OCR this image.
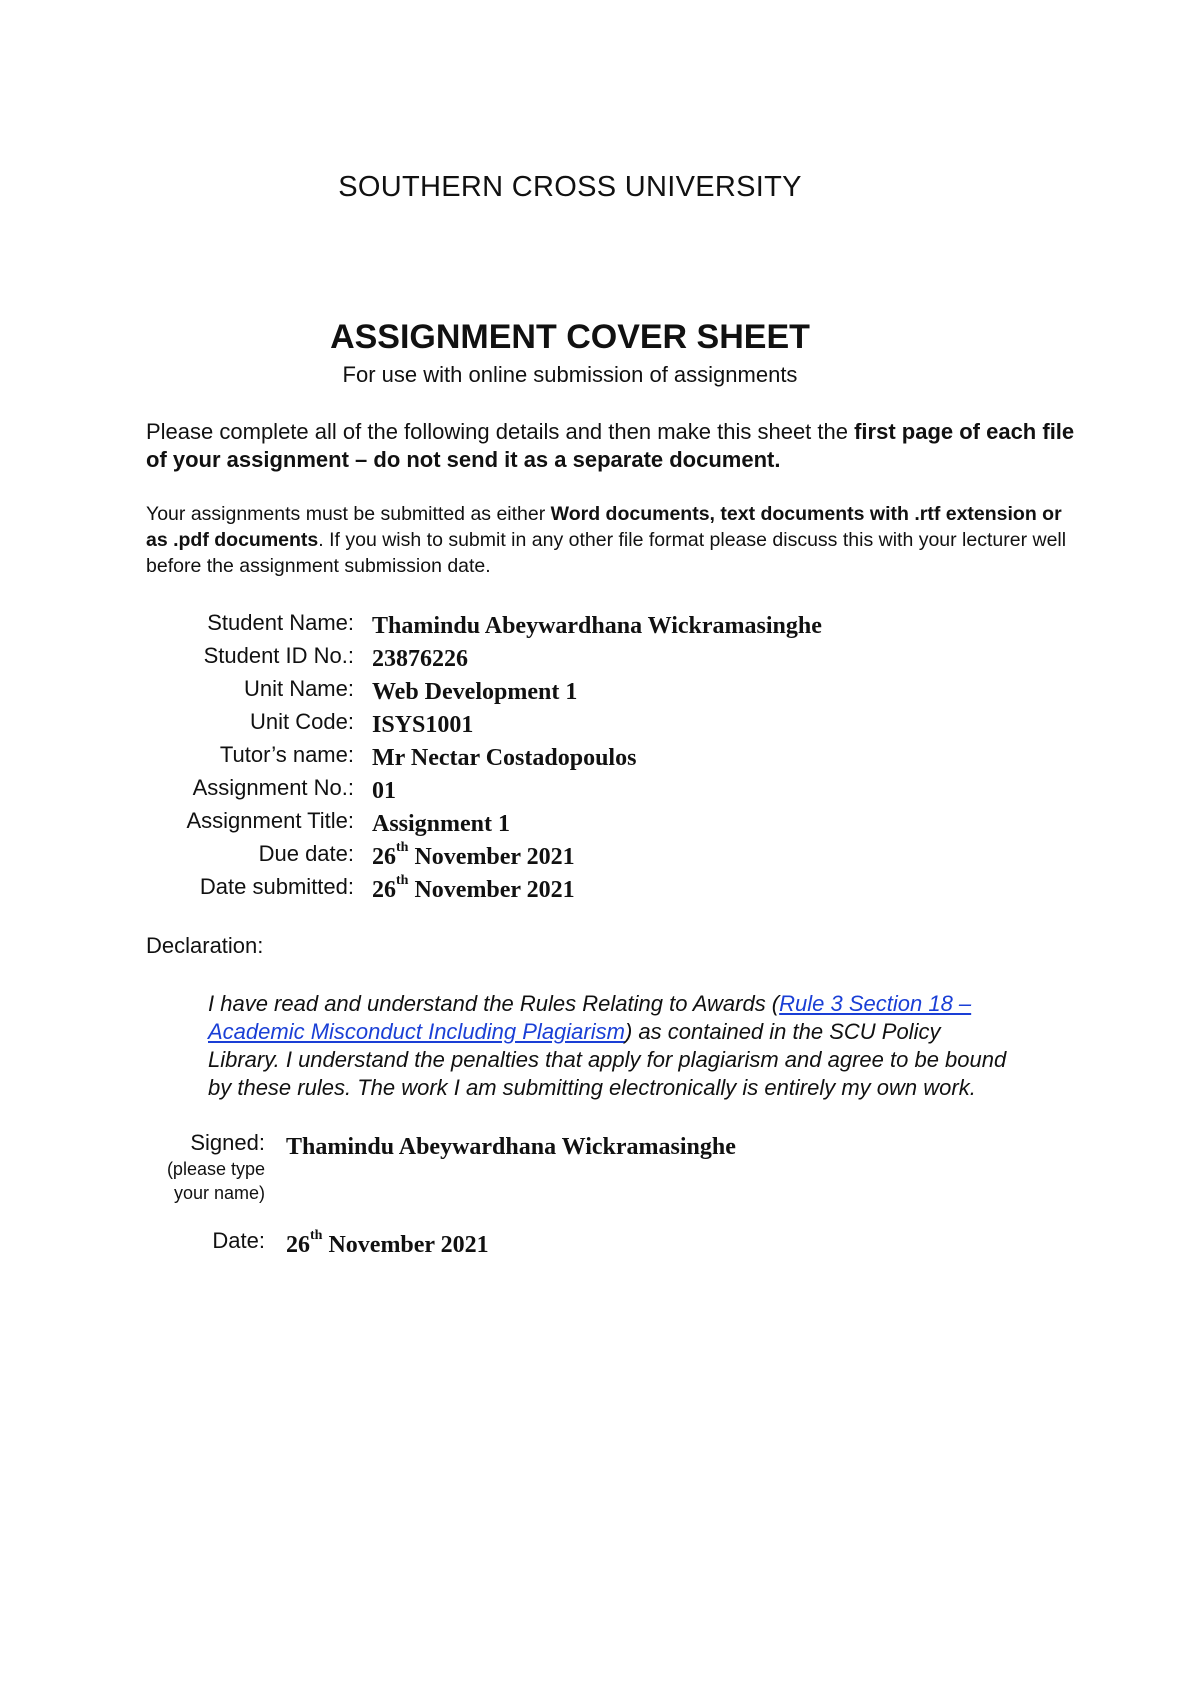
SOUTHERN CROSS UNIVERSITY
ASSIGNMENT COVER SHEET
For use with online submission of assignments
Please complete all of the following details and then make this sheet the first page of each file of your assignment – do not send it as a separate document.
Your assignments must be submitted as either Word documents, text documents with .rtf extension or as .pdf documents. If you wish to submit in any other file format please discuss this with your lecturer well before the assignment submission date.
Student Name: Thamindu Abeywardhana Wickramasinghe
Student ID No.: 23876226
Unit Name: Web Development 1
Unit Code: ISYS1001
Tutor’s name: Mr Nectar Costadopoulos
Assignment No.: 01
Assignment Title: Assignment 1
Due date: 26th November 2021
Date submitted: 26th November 2021
Declaration:
I have read and understand the Rules Relating to Awards (Rule 3 Section 18 – Academic Misconduct Including Plagiarism) as contained in the SCU Policy Library. I understand the penalties that apply for plagiarism and agree to be bound by these rules. The work I am submitting electronically is entirely my own work.
Signed:
(please type
your name)
Thamindu Abeywardhana Wickramasinghe
Date: 26th November 2021
